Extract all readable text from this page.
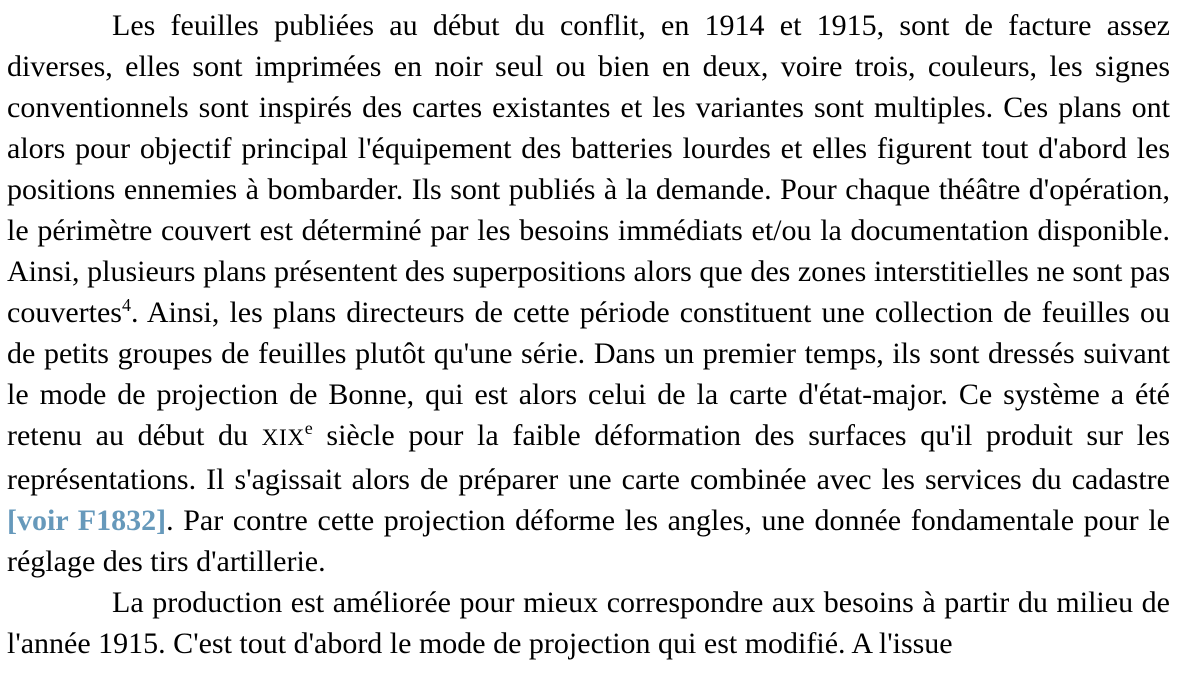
Les feuilles publiées au début du conflit, en 1914 et 1915, sont de facture assez diverses, elles sont imprimées en noir seul ou bien en deux, voire trois, couleurs, les signes conventionnels sont inspirés des cartes existantes et les variantes sont multiples. Ces plans ont alors pour objectif principal l'équipement des batteries lourdes et elles figurent tout d'abord les positions ennemies à bombarder. Ils sont publiés à la demande. Pour chaque théâtre d'opération, le périmètre couvert est déterminé par les besoins immédiats et/ou la documentation disponible. Ainsi, plusieurs plans présentent des superpositions alors que des zones interstitielles ne sont pas couvertes$^4$. Ainsi, les plans directeurs de cette période constituent une collection de feuilles ou de petits groupes de feuilles plutôt qu'une série. Dans un premier temps, ils sont dressés suivant le mode de projection de Bonne, qui est alors celui de la carte d'état-major. Ce système a été retenu au début du XIXe siècle pour la faible déformation des surfaces qu'il produit sur les représentations. Il s'agissait alors de préparer une carte combinée avec les services du cadastre [voir F1832]. Par contre cette projection déforme les angles, une donnée fondamentale pour le réglage des tirs d'artillerie.

La production est améliorée pour mieux correspondre aux besoins à partir du milieu de l'année 1915. C'est tout d'abord le mode de projection qui est modifié. A l'issue
